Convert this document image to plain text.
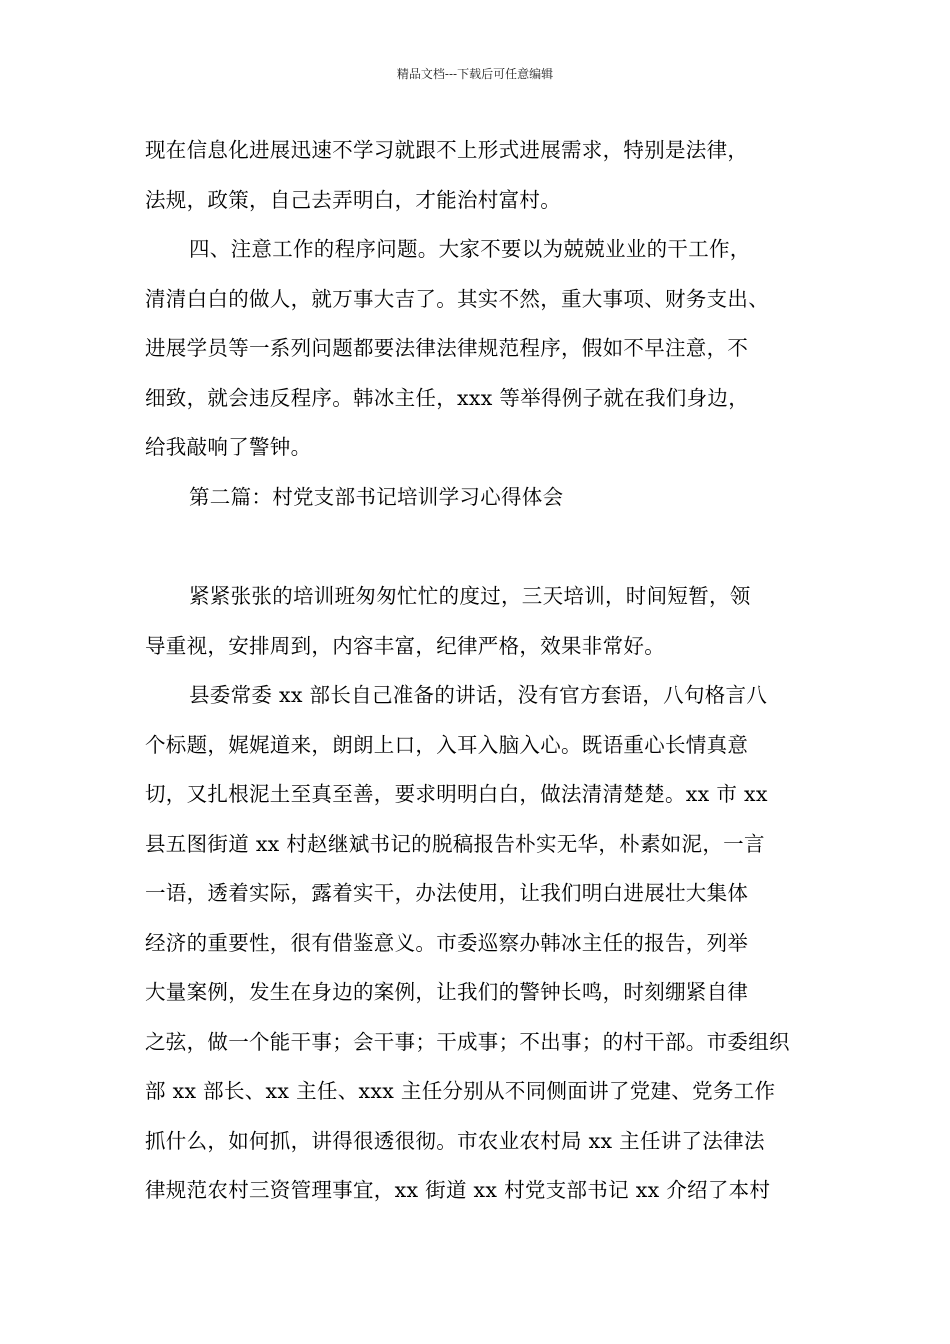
精品文档---下载后可任意编辑
现在信息化进展迅速不学习就跟不上形式进展需求，特别是法律，
法规，政策，自己去弄明白，才能治村富村。
四、注意工作的程序问题。大家不要以为兢兢业业的干工作，
清清白白的做人，就万事大吉了。其实不然，重大事项、财务支出、
进展学员等一系列问题都要法律法律规范程序，假如不早注意，不
细致，就会违反程序。韩冰主任，xxx 等举得例子就在我们身边，
给我敲响了警钟。
第二篇：村党支部书记培训学习心得体会
紧紧张张的培训班匆匆忙忙的度过，三天培训，时间短暂，领
导重视，安排周到，内容丰富，纪律严格，效果非常好。
县委常委 xx 部长自己准备的讲话，没有官方套语，八句格言八
个标题，娓娓道来，朗朗上口，入耳入脑入心。既语重心长情真意
切，又扎根泥土至真至善，要求明明白白，做法清清楚楚。xx 市 xx
县五图街道 xx 村赵继斌书记的脱稿报告朴实无华，朴素如泥，一言
一语，透着实际，露着实干，办法使用，让我们明白进展壮大集体
经济的重要性，很有借鉴意义。市委巡察办韩冰主任的报告，列举
大量案例，发生在身边的案例，让我们的警钟长鸣，时刻绷紧自律
之弦，做一个能干事；会干事；干成事；不出事；的村干部。市委组织
部 xx 部长、xx 主任、xxx 主任分别从不同侧面讲了党建、党务工作
抓什么，如何抓，讲得很透很彻。市农业农村局 xx 主任讲了法律法
律规范农村三资管理事宜，xx 街道 xx 村党支部书记 xx 介绍了本村
